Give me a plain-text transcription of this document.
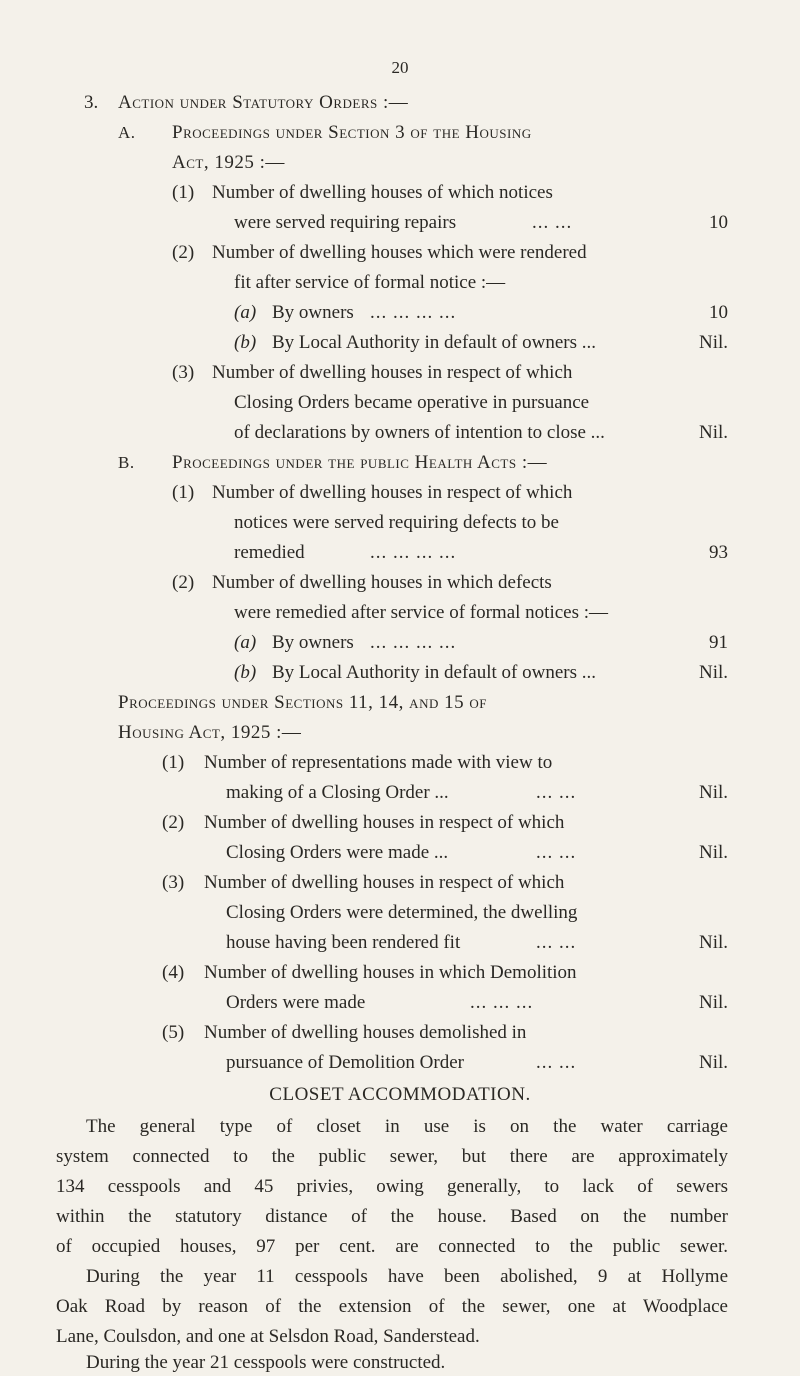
20
3. Action under Statutory Orders :—
A. Proceedings under Section 3 of the Housing
Act, 1925 :—
(1) Number of dwelling houses of which notices
were served requiring repairs	... ...	10
(2) Number of dwelling houses which were rendered
fit after service of formal notice :—
(a) By owners ... ... ... ...	10
(b) By Local Authority in default of owners ...	Nil.
(3) Number of dwelling houses in respect of which
Closing Orders became operative in pursuance
of declarations by owners of intention to close ...	Nil.
B. Proceedings under the public Health Acts :—
(1) Number of dwelling houses in respect of which
notices were served requiring defects to be
remedied	... ... ... ...	93
(2) Number of dwelling houses in which defects
were remedied after service of formal notices :—
(a) By owners ... ... ... ...	91
(b) By Local Authority in default of owners ...	Nil.
Proceedings under Sections 11, 14, and 15 of
Housing Act, 1925 :—
(1) Number of representations made with view to
making of a Closing Order ...	... ...	Nil.
(2) Number of dwelling houses in respect of which
Closing Orders were made ...	... ...	Nil.
(3) Number of dwelling houses in respect of which
Closing Orders were determined, the dwelling
house having been rendered fit	... ...	Nil.
(4) Number of dwelling houses in which Demolition
Orders were made	... ... ...	Nil.
(5) Number of dwelling houses demolished in
pursuance of Demolition Order	... ...	Nil.
CLOSET ACCOMMODATION.
The general type of closet in use is on the water carriage
system connected to the public sewer, but there are approximately
134 cesspools and 45 privies, owing generally, to lack of sewers
within the statutory distance of the house. Based on the number
of occupied houses, 97 per cent. are connected to the public sewer.
During the year 11 cesspools have been abolished, 9 at Hollyme
Oak Road by reason of the extension of the sewer, one at Woodplace
Lane, Coulsdon, and one at Selsdon Road, Sanderstead.
During the year 21 cesspools were constructed.
